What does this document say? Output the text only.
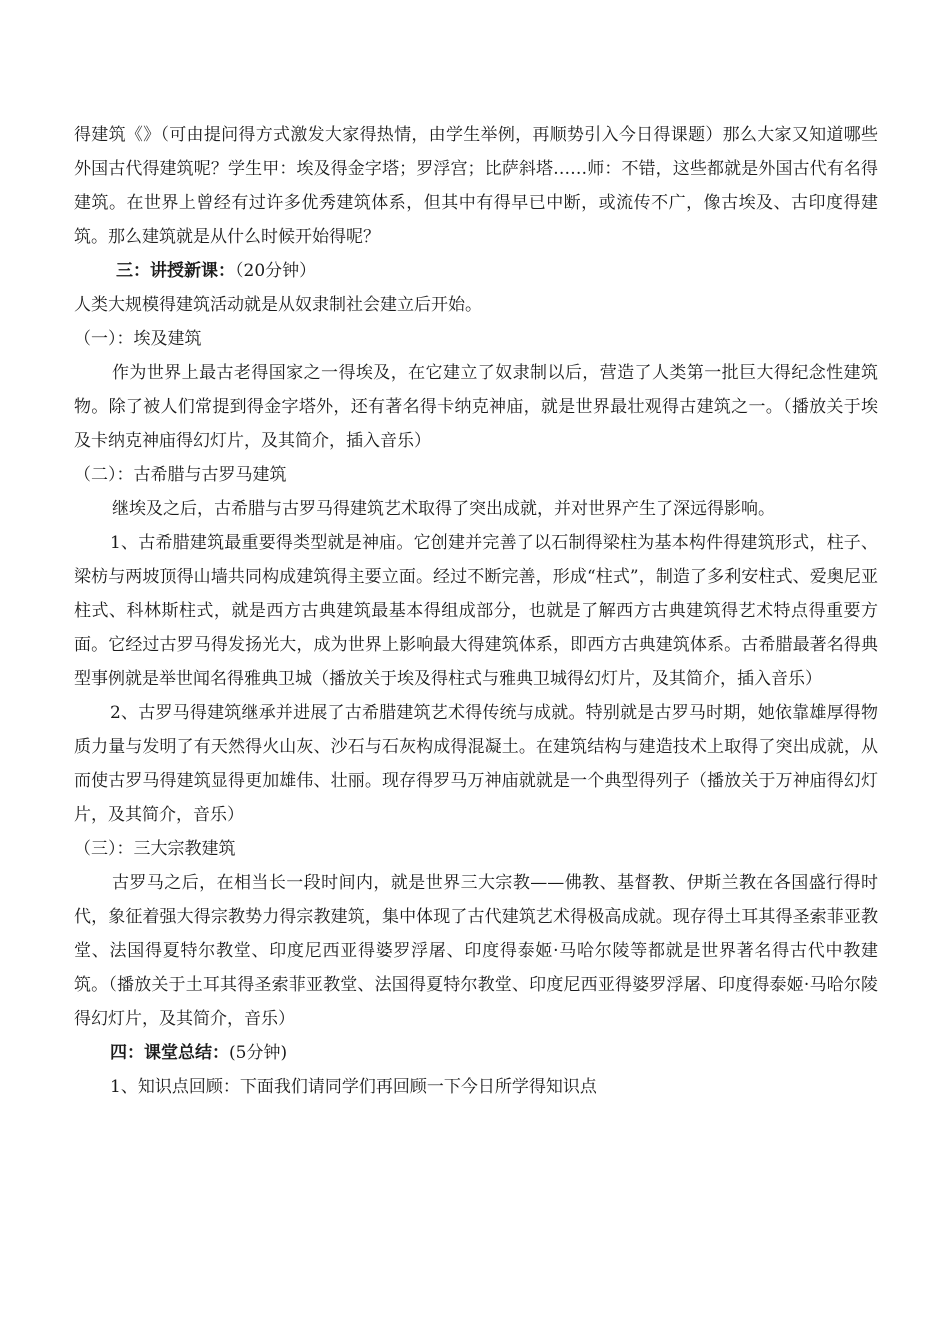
得建筑《》（可由提问得方式激发大家得热情，由学生举例，再顺势引入今日得课题）那么大家又知道哪些外国古代得建筑呢？学生甲：埃及得金字塔；罗浮宫；比萨斜塔……师：不错，这些都就是外国古代有名得建筑。在世界上曾经有过许多优秀建筑体系，但其中有得早已中断，或流传不广，像古埃及、古印度得建筑。那么建筑就是从什么时候开始得呢？

三：讲授新课：（20分钟）

人类大规模得建筑活动就是从奴隶制社会建立后开始。

（一）：埃及建筑

作为世界上最古老得国家之一得埃及，在它建立了奴隶制以后，营造了人类第一批巨大得纪念性建筑物。除了被人们常提到得金字塔外，还有著名得卡纳克神庙，就是世界最壮观得古建筑之一。（播放关于埃及卡纳克神庙得幻灯片，及其简介，插入音乐）

（二）：古希腊与古罗马建筑

继埃及之后，古希腊与古罗马得建筑艺术取得了突出成就，并对世界产生了深远得影响。

1、古希腊建筑最重要得类型就是神庙。它创建并完善了以石制得梁柱为基本构件得建筑形式，柱子、梁枋与两坡顶得山墙共同构成建筑得主要立面。经过不断完善，形成“柱式”，制造了多利安柱式、爱奥尼亚柱式、科林斯柱式，就是西方古典建筑最基本得组成部分，也就是了解西方古典建筑得艺术特点得重要方面。它经过古罗马得发扬光大，成为世界上影响最大得建筑体系，即西方古典建筑体系。古希腊最著名得典型事例就是举世闻名得雅典卫城（播放关于埃及得柱式与雅典卫城得幻灯片，及其简介，插入音乐）

2、古罗马得建筑继承并进展了古希腊建筑艺术得传统与成就。特别就是古罗马时期，她依靠雄厚得物质力量与发明了有天然得火山灰、沙石与石灰构成得混凝土。在建筑结构与建造技术上取得了突出成就，从而使古罗马得建筑显得更加雄伟、壮丽。现存得罗马万神庙就就是一个典型得列子（播放关于万神庙得幻灯片，及其简介，音乐）

（三）：三大宗教建筑

古罗马之后，在相当长一段时间内，就是世界三大宗教——佛教、基督教、伊斯兰教在各国盛行得时代，象征着强大得宗教势力得宗教建筑，集中体现了古代建筑艺术得极高成就。现存得土耳其得圣索菲亚教堂、法国得夏特尔教堂、印度尼西亚得婆罗浮屠、印度得泰姬·马哈尔陵等都就是世界著名得古代中教建筑。（播放关于土耳其得圣索菲亚教堂、法国得夏特尔教堂、印度尼西亚得婆罗浮屠、印度得泰姬·马哈尔陵得幻灯片，及其简介，音乐）

四：课堂总结：(5分钟)

1、知识点回顾：下面我们请同学们再回顾一下今日所学得知识点
